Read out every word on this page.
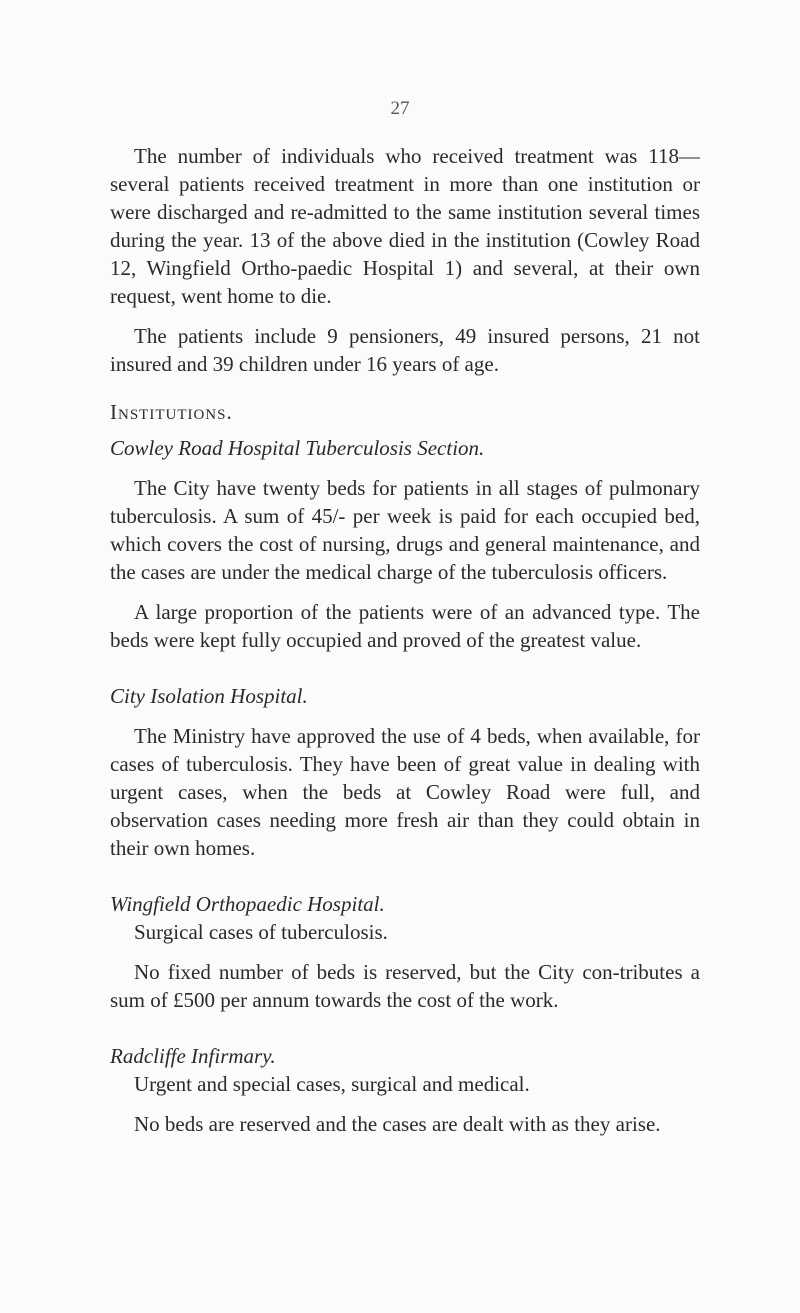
27

The number of individuals who received treatment was 118—several patients received treatment in more than one institution or were discharged and re-admitted to the same institution several times during the year. 13 of the above died in the institution (Cowley Road 12, Wingfield Ortho-paedic Hospital 1) and several, at their own request, went home to die.

The patients include 9 pensioners, 49 insured persons, 21 not insured and 39 children under 16 years of age.

Institutions.

Cowley Road Hospital Tuberculosis Section.

The City have twenty beds for patients in all stages of pulmonary tuberculosis. A sum of 45/- per week is paid for each occupied bed, which covers the cost of nursing, drugs and general maintenance, and the cases are under the medical charge of the tuberculosis officers.

A large proportion of the patients were of an advanced type. The beds were kept fully occupied and proved of the greatest value.

City Isolation Hospital.

The Ministry have approved the use of 4 beds, when available, for cases of tuberculosis. They have been of great value in dealing with urgent cases, when the beds at Cowley Road were full, and observation cases needing more fresh air than they could obtain in their own homes.

Wingfield Orthopaedic Hospital.

Surgical cases of tuberculosis.

No fixed number of beds is reserved, but the City con-tributes a sum of £500 per annum towards the cost of the work.

Radcliffe Infirmary.

Urgent and special cases, surgical and medical.

No beds are reserved and the cases are dealt with as they arise.
